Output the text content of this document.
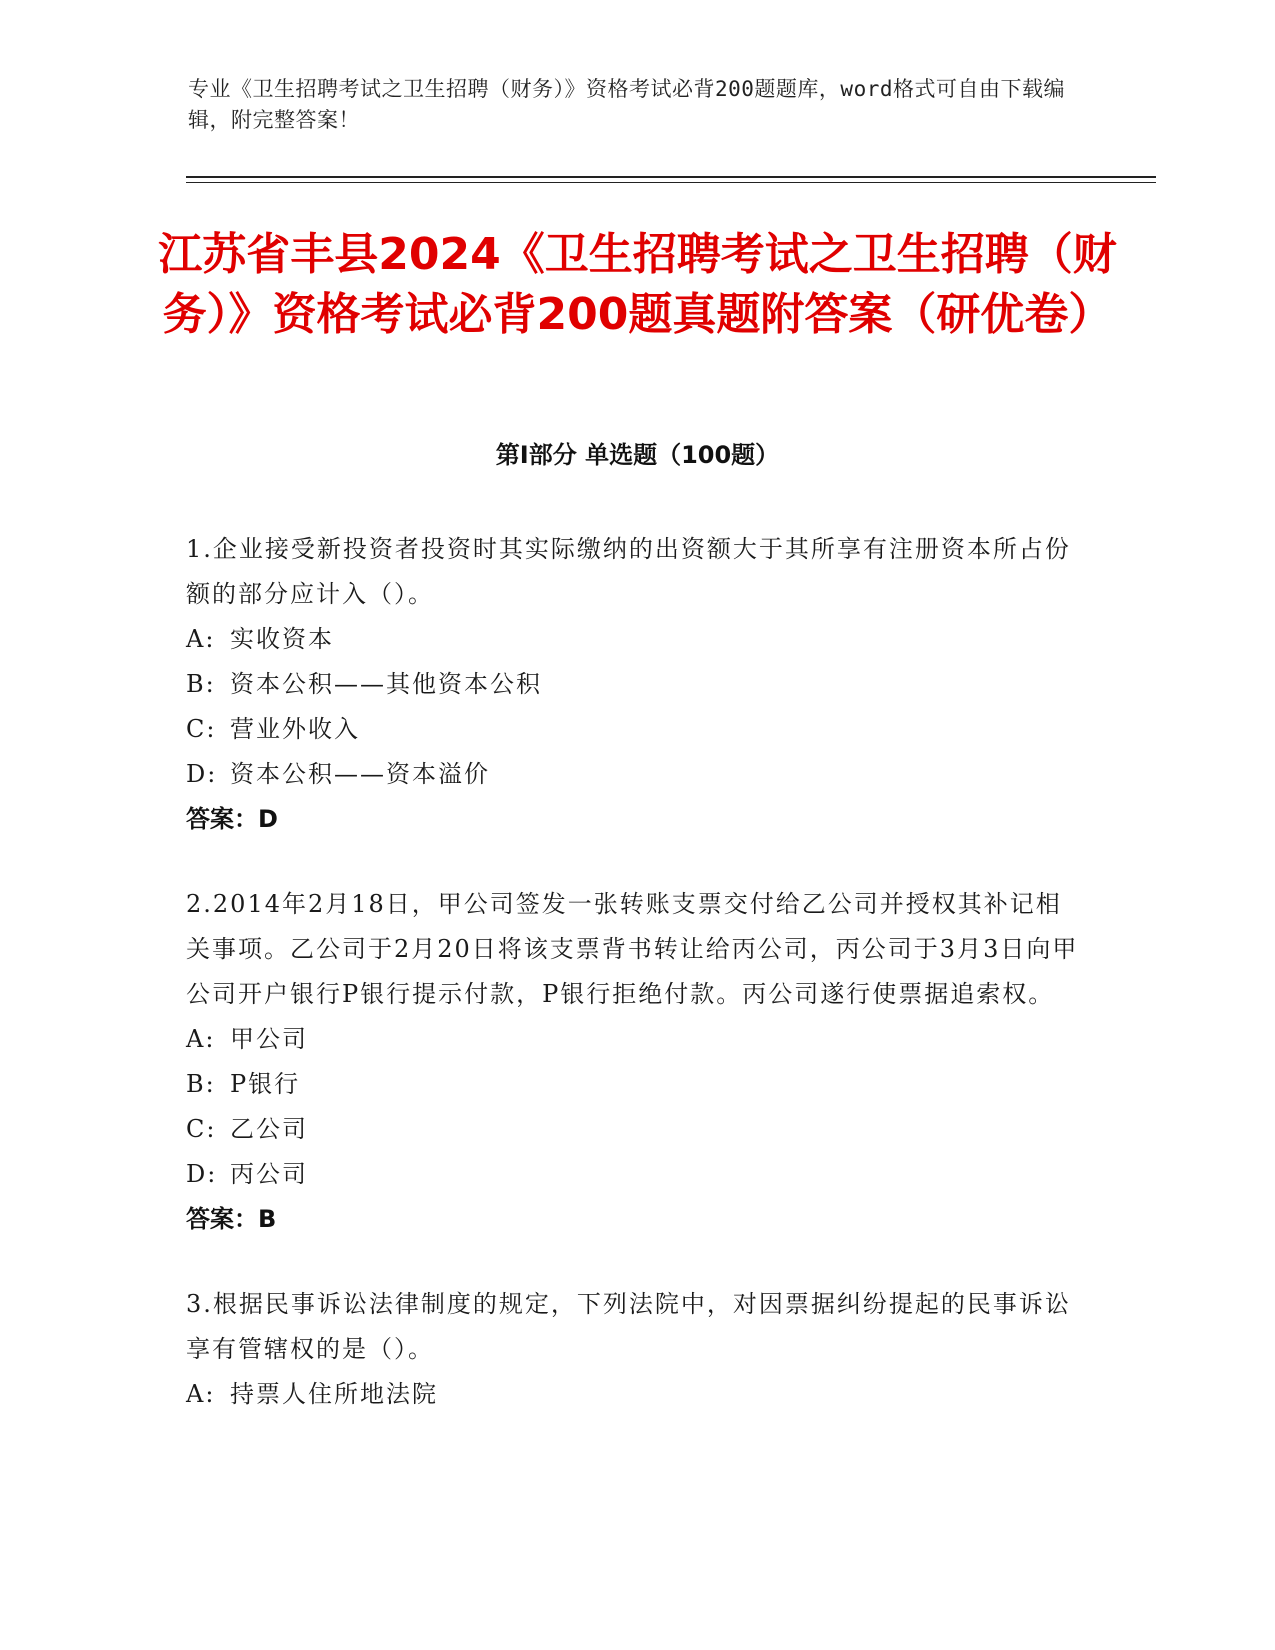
专业《卫生招聘考试之卫生招聘（财务）》资格考试必背200题题库，word格式可自由下载编辑，附完整答案！
江苏省丰县2024《卫生招聘考试之卫生招聘（财务）》资格考试必背200题真题附答案（研优卷）
第I部分 单选题（100题）
1.企业接受新投资者投资时其实际缴纳的出资额大于其所享有注册资本所占份额的部分应计入（）。
A: 实收资本
B: 资本公积——其他资本公积
C: 营业外收入
D: 资本公积——资本溢价
答案：D
2.2014年2月18日，甲公司签发一张转账支票交付给乙公司并授权其补记相关事项。乙公司于2月20日将该支票背书转让给丙公司，丙公司于3月3日向甲公司开户银行P银行提示付款，P银行拒绝付款。丙公司遂行使票据追索权。
A: 甲公司
B: P银行
C: 乙公司
D: 丙公司
答案：B
3.根据民事诉讼法律制度的规定，下列法院中，对因票据纠纷提起的民事诉讼享有管辖权的是（）。
A: 持票人住所地法院
